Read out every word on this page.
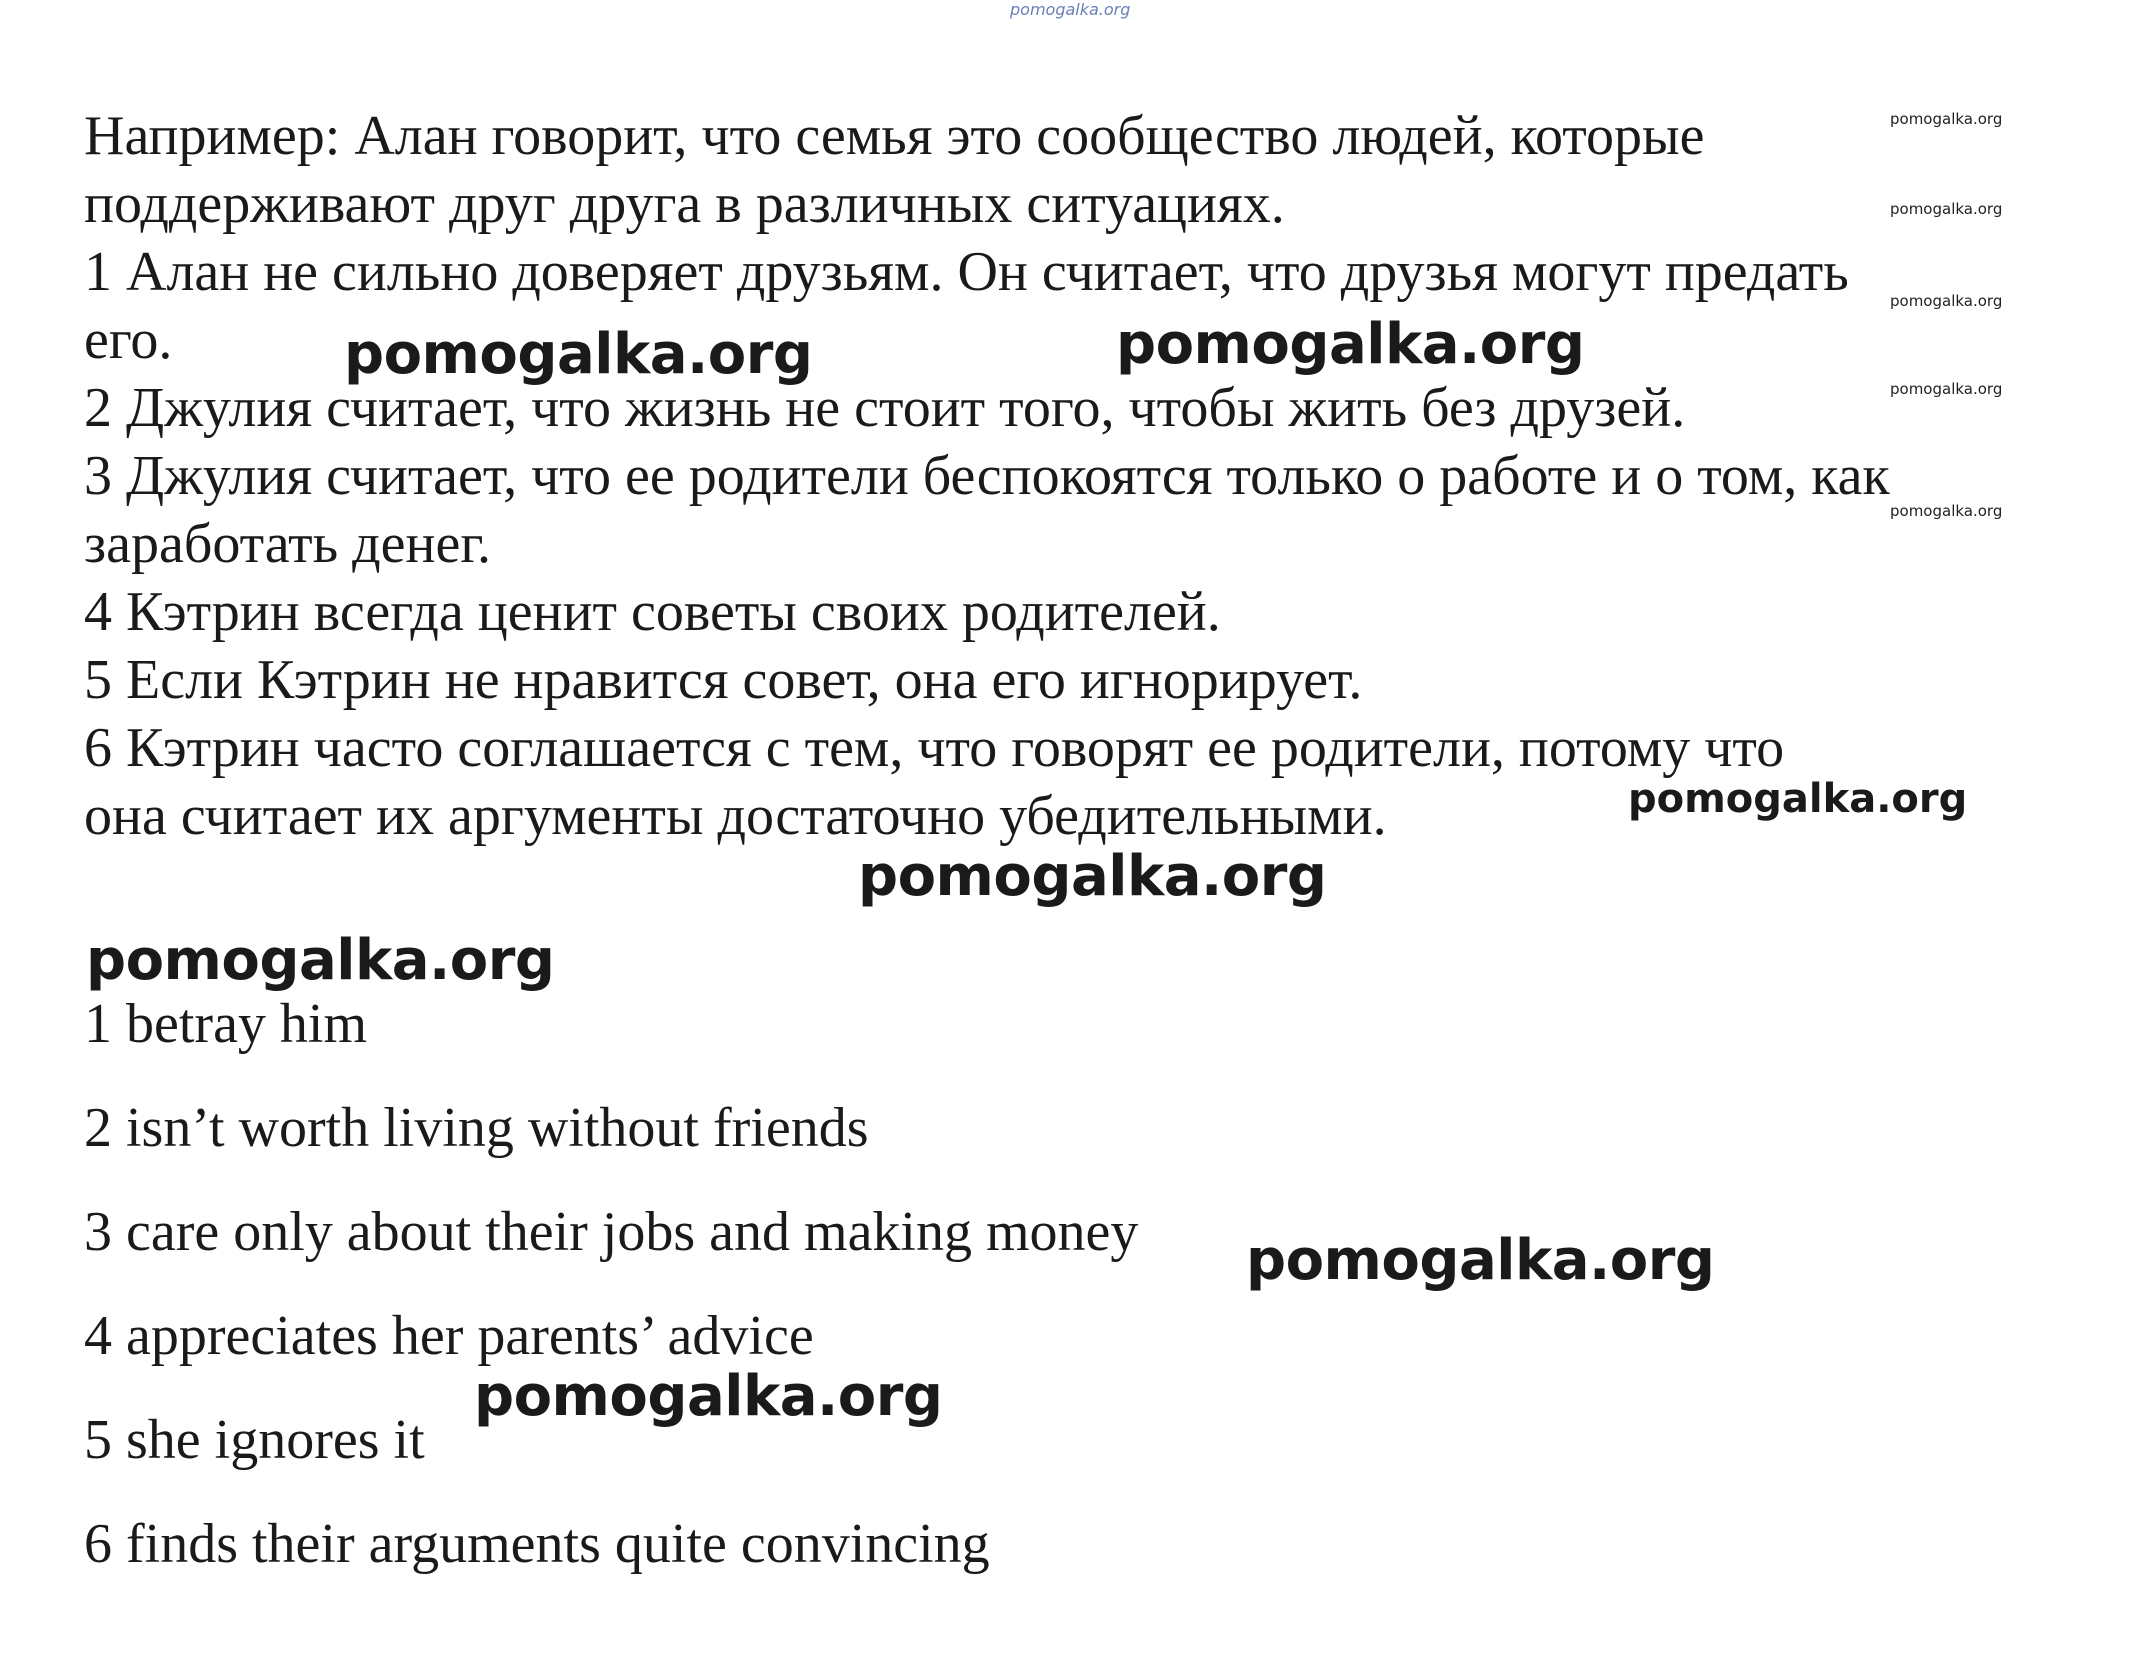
pomogalka.org
Например: Алан говорит, что семья это сообщество людей, которые
поддерживают друг друга в различных ситуациях.
1 Алан не сильно доверяет друзьям. Он считает, что друзья могут предать
его.
2 Джулия считает, что жизнь не стоит того, чтобы жить без друзей.
3 Джулия считает, что ее родители беспокоятся только о работе и о том, как
заработать денег.
4 Кэтрин всегда ценит советы своих родителей.
5 Если Кэтрин не нравится совет, она его игнорирует.
6 Кэтрин часто соглашается с тем, что говорят ее родители, потому что
она считает их аргументы достаточно убедительными.
1 betray him
2 isn’t worth living without friends
3 care only about their jobs and making money
4 appreciates her parents’ advice
5 she ignores it
6 finds their arguments quite convincing
pomogalka.org
pomogalka.org
pomogalka.org
pomogalka.org
pomogalka.org
pomogalka.org	pomogalka.org
pomogalka.org
pomogalka.org
pomogalka.org
pomogalka.org
pomogalka.org
